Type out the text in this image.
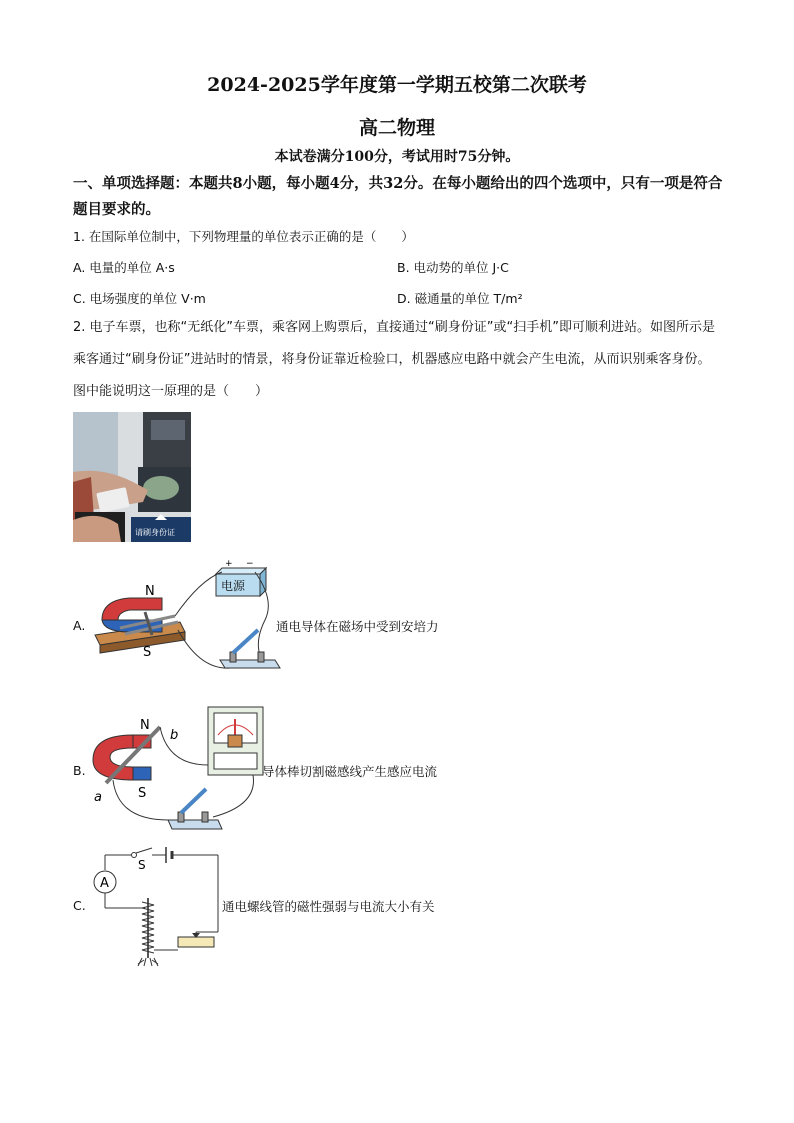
2024-2025学年度第一学期五校第二次联考
高二物理
本试卷满分100分，考试用时75分钟。
一、单项选择题：本题共8小题，每小题4分，共32分。在每小题给出的四个选项中，只有一项是符合题目要求的。
1. 在国际单位制中，下列物理量的单位表示正确的是（　　）
A. 电量的单位 A·s	B. 电动势的单位 J·C
C. 电场强度的单位 V·m	D. 磁通量的单位 T/m²
2. 电子车票，也称“无纸化”车票，乘客网上购票后，直接通过“刷身份证”或“扫手机”即可顺利进站。如图所示是乘客通过“刷身份证”进站时的情景，将身份证靠近检验口，机器感应电路中就会产生电流，从而识别乘客身份。图中能说明这一原理的是（　　）
请刷身份证
A.
电源
+ −
N
S
通电导体在磁场中受到安培力
B.
N
S
a
b
导体棒切割磁感线产生感应电流
C.
S
A
通电螺线管的磁性强弱与电流大小有关
